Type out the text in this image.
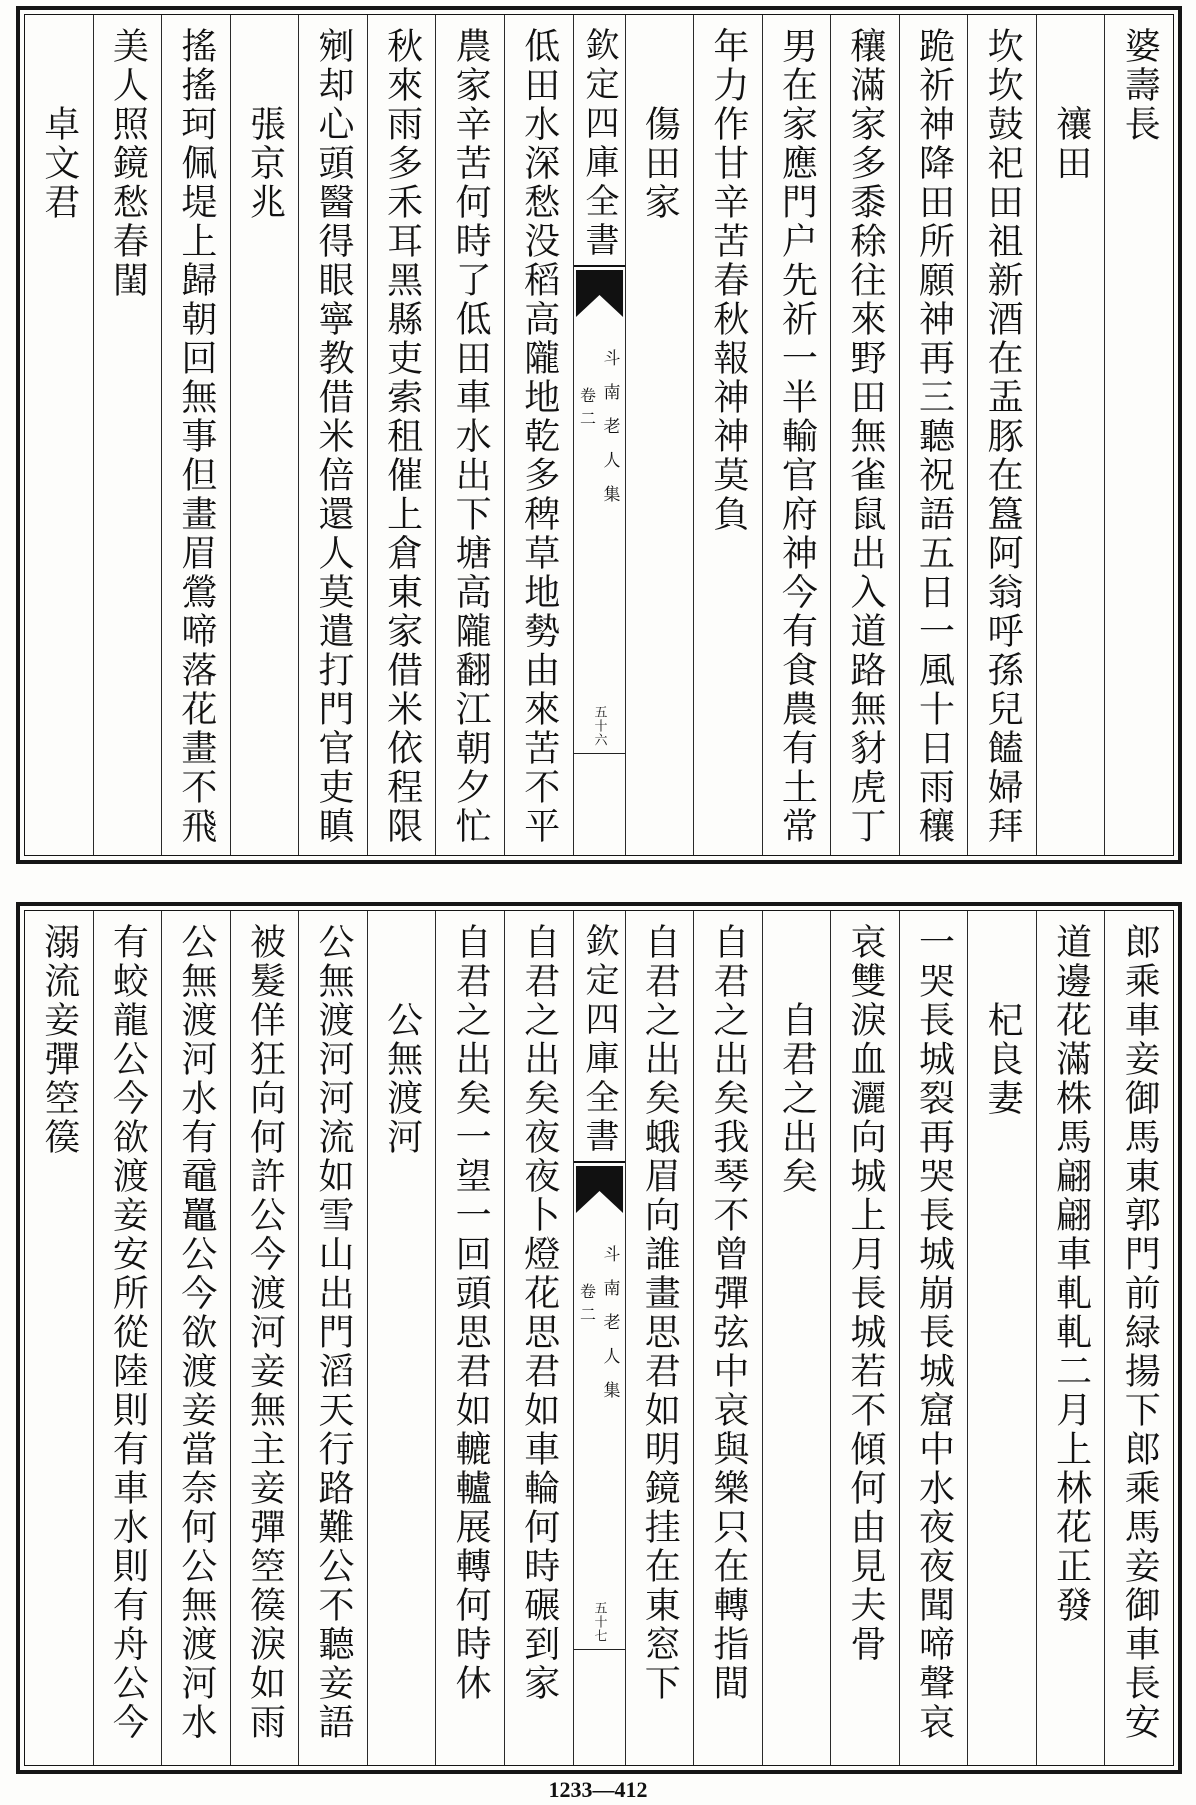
婆壽長
禳田
坎坎鼓祀田祖新酒在盂豚在簋阿翁呼孫兒饁婦拜
跪祈神降田所願神再三聽祝語五日一風十日雨穰
穰滿家多黍稌往來野田無雀鼠出入道路無豺虎丁
男在家應門户先祈一半輸官府神今有食農有土常
年力作甘辛苦春秋報神神莫負
傷田家
欽定四庫全書
斗南老人集
卷二
五十六
低田水深愁没稻高隴地乾多稗草地勢由來苦不平
農家辛苦何時了低田車水出下塘高隴翻江朝夕忙
秋來雨多禾耳黑縣吏索租催上倉東家借米依程限
剜却心頭醫得眼寧教借米倍還人莫遣打門官吏瞋
張京兆
搖搖珂佩堤上歸朝回無事但畫眉鶯啼落花畫不飛
美人照鏡愁春閨
卓文君
郎乘車妾御馬東郭門前緑揚下郎乘馬妾御車長安
道邊花滿株馬翩翩車軋軋二月上林花正發
杞良妻
一哭長城裂再哭長城崩長城窟中水夜夜聞啼聲哀
哀雙淚血灑向城上月長城若不傾何由見夫骨
自君之出矣
自君之出矣我琴不曾彈弦中哀與樂只在轉指間
自君之出矣蛾眉向誰畫思君如明鏡挂在東窓下
欽定四庫全書
斗南老人集
卷二
五十七
自君之出矣夜夜卜燈花思君如車輪何時碾到家
自君之出矣一望一回頭思君如轆轤展轉何時休
公無渡河
公無渡河河流如雪山出門滔天行路難公不聽妾語
被髮佯狂向何許公今渡河妾無主妾彈箜篌淚如雨
公無渡河水有黿鼉公今欲渡妾當奈何公無渡河水
有蛟龍公今欲渡妾安所從陸則有車水則有舟公今
溺流妾彈箜篌
1233—412
